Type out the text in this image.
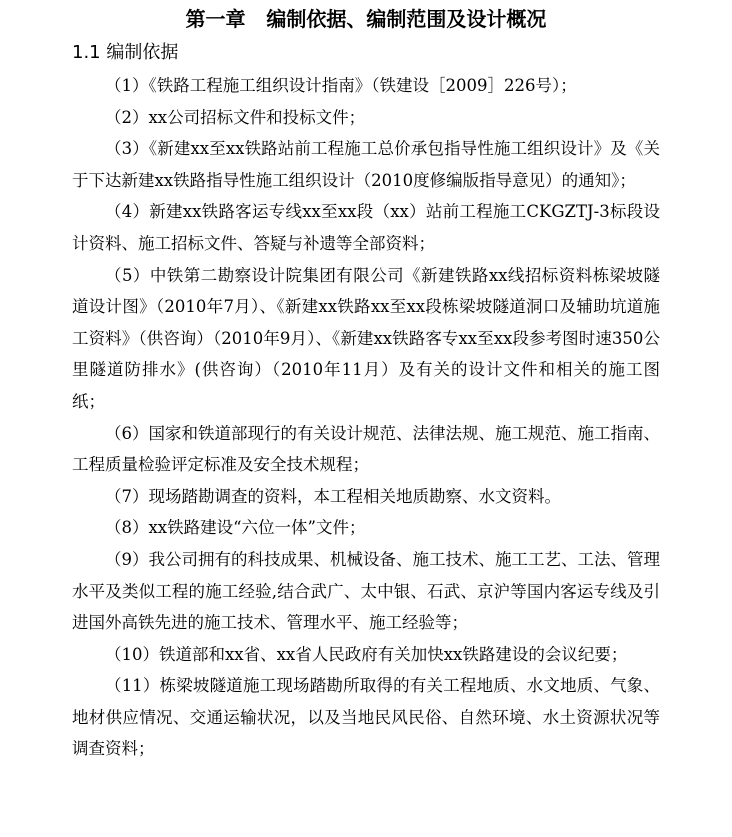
第一章   编制依据、编制范围及设计概况
1.1 编制依据

（1）《铁路工程施工组织设计指南》（铁建设［2009］226号）；

（2）xx公司招标文件和投标文件；

（3）《新建xx至xx铁路站前工程施工总价承包指导性施工组织设计》及《关于下达新建xx铁路指导性施工组织设计（2010度修编版指导意见）的通知》；

（4）新建xx铁路客运专线xx至xx段（xx）站前工程施工CKGZTJ-3标段设计资料、施工招标文件、答疑与补遗等全部资料；

（5）中铁第二勘察设计院集团有限公司《新建铁路xx线招标资料栋梁坡隧道设计图》（2010年7月）、《新建xx铁路xx至xx段栋梁坡隧道洞口及辅助坑道施工资料》（供咨询）（2010年9月）、《新建xx铁路客专xx至xx段参考图时速350公里隧道防排水》(供咨询）（2010年11月）及有关的设计文件和相关的施工图纸；

（6）国家和铁道部现行的有关设计规范、法律法规、施工规范、施工指南、工程质量检验评定标准及安全技术规程；

（7）现场踏勘调查的资料，本工程相关地质勘察、水文资料。

（8）xx铁路建设“六位一体”文件；

（9）我公司拥有的科技成果、机械设备、施工技术、施工工艺、工法、管理水平及类似工程的施工经验,结合武广、太中银、石武、京沪等国内客运专线及引进国外高铁先进的施工技术、管理水平、施工经验等；

（10）铁道部和xx省、xx省人民政府有关加快xx铁路建设的会议纪要；

（11）栋梁坡隧道施工现场踏勘所取得的有关工程地质、水文地质、气象、地材供应情况、交通运输状况，以及当地民风民俗、自然环境、水土资源状况等调查资料；
